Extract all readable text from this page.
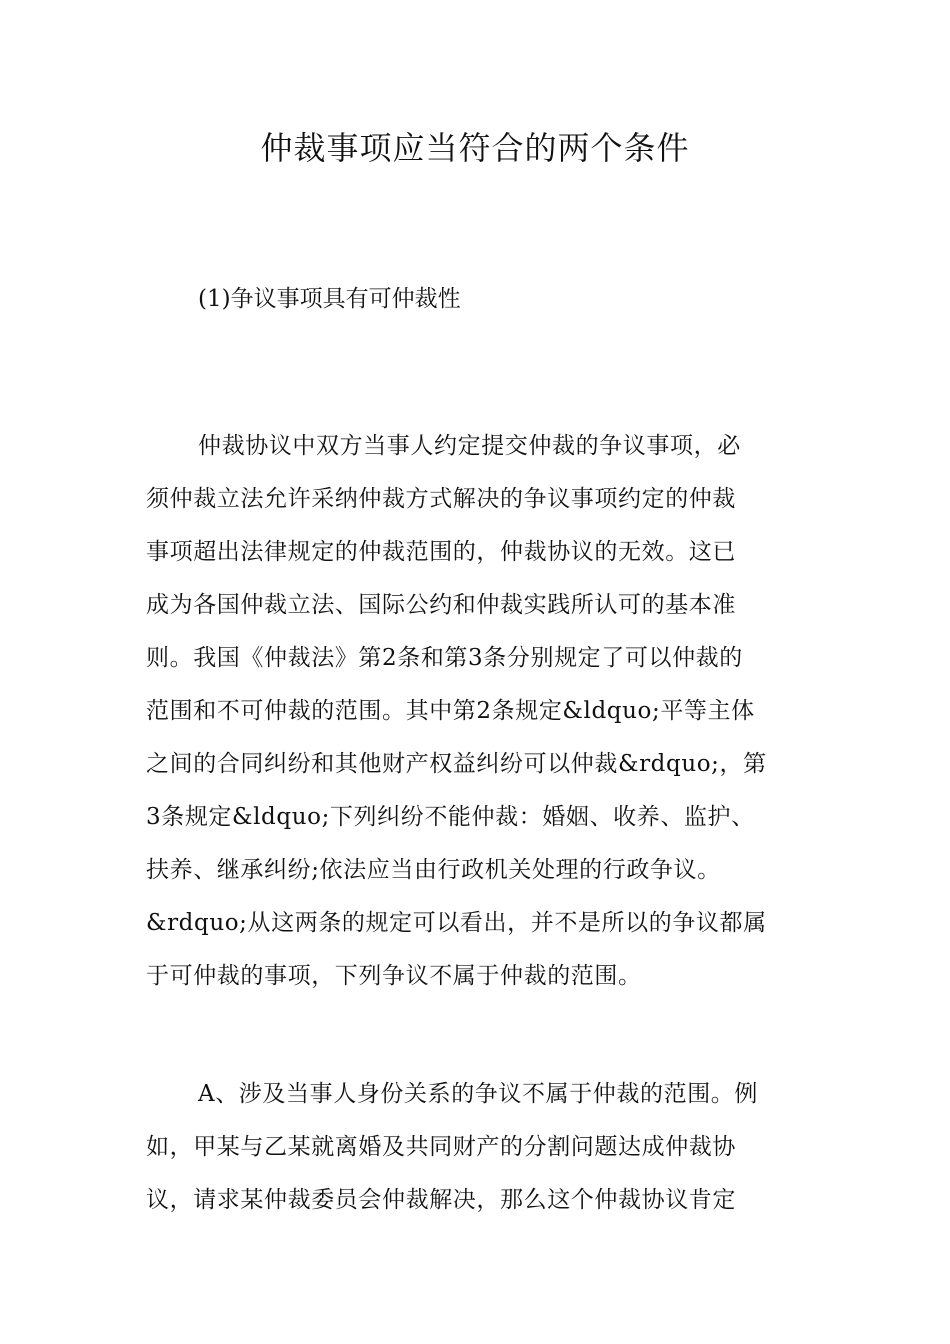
仲裁事项应当符合的两个条件

(1)争议事项具有可仲裁性

仲裁协议中双方当事人约定提交仲裁的争议事项，必
须仲裁立法允许采纳仲裁方式解决的争议事项约定的仲裁
事项超出法律规定的仲裁范围的，仲裁协议的无效。这已
成为各国仲裁立法、国际公约和仲裁实践所认可的基本准
则。我国《仲裁法》第2条和第3条分别规定了可以仲裁的
范围和不可仲裁的范围。其中第2条规定&ldquo;平等主体
之间的合同纠纷和其他财产权益纠纷可以仲裁&rdquo;，第
3条规定&ldquo;下列纠纷不能仲裁：婚姻、收养、监护、
扶养、继承纠纷;依法应当由行政机关处理的行政争议。
&rdquo;从这两条的规定可以看出，并不是所以的争议都属
于可仲裁的事项，下列争议不属于仲裁的范围。
A、涉及当事人身份关系的争议不属于仲裁的范围。例
如，甲某与乙某就离婚及共同财产的分割问题达成仲裁协
议，请求某仲裁委员会仲裁解决，那么这个仲裁协议肯定
